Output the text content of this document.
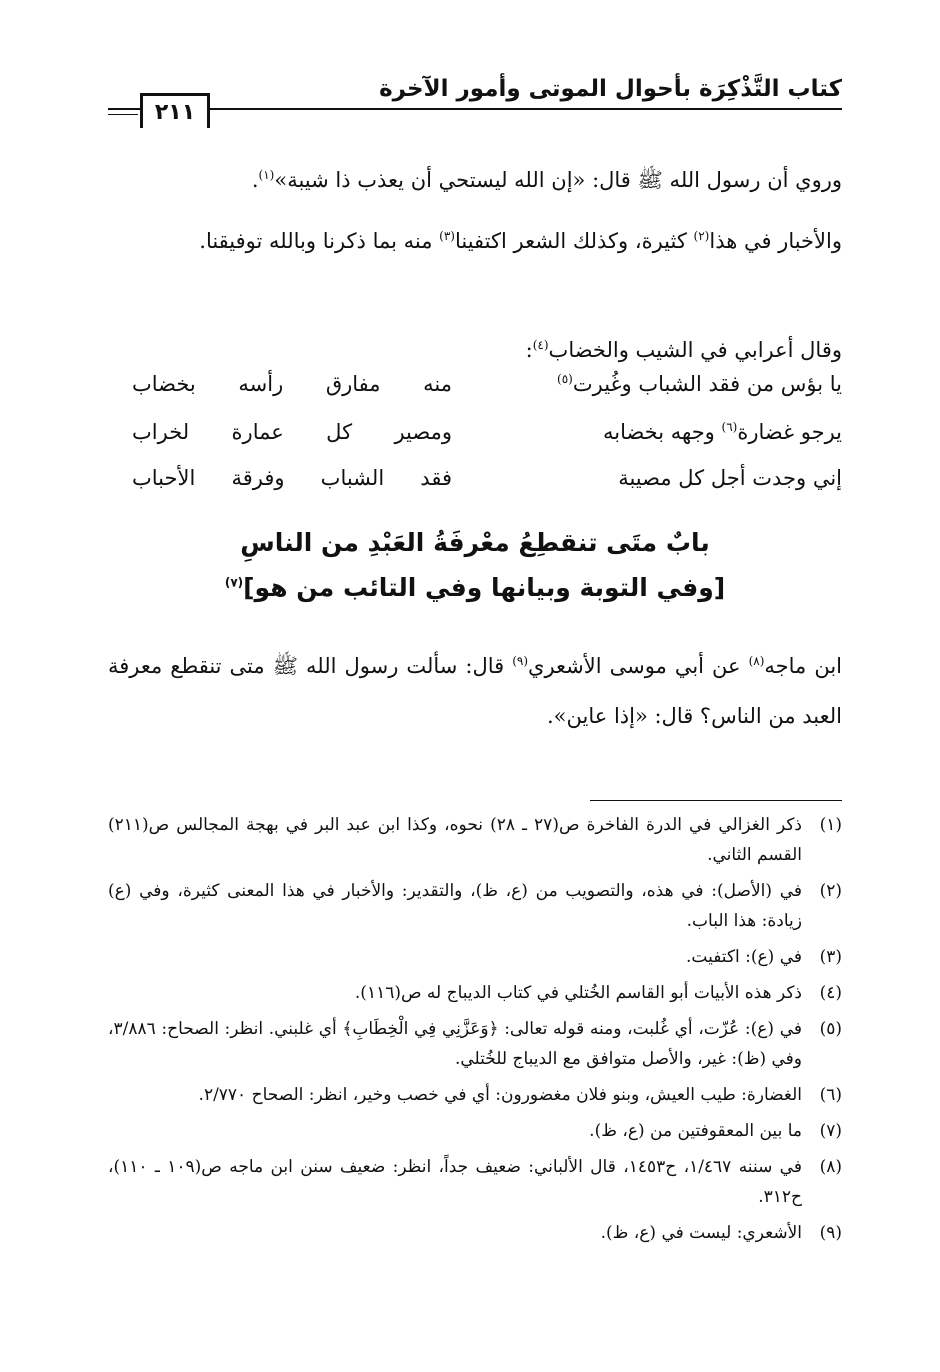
كتاب التَّذْكِرَة بأحوال الموتى وأمور الآخرة
٢١١
وروي أن رسول الله ﷺ قال: «إن الله ليستحي أن يعذب ذا شيبة»$^{(١)}$.
والأخبار في هذا$^{(٢)}$ كثيرة، وكذلك الشعر اكتفينا$^{(٣)}$ منه بما ذكرنا وبالله توفيقنا.
وقال أعرابي في الشيب والخضاب$^{(٤)}$:
يا بؤس من فقد الشباب وغُيرت$^{(٥)}$
منه مفارق رأسه بخضاب
يرجو غضارة$^{(٦)}$ وجهه بخضابه
ومصير كل عمارة لخراب
إني وجدت أجل كل مصيبة
فقد الشباب وفرقة الأحباب
بابٌ متَى تنقطِعُ معْرفَةُ العَبْدِ من الناسِ
[وفي التوبة وبيانها وفي التائب من هو]$^{(٧)}$
ابن ماجه$^{(٨)}$ عن أبي موسى الأشعري$^{(٩)}$ قال: سألت رسول الله ﷺ متى تنقطع معرفة العبد من الناس؟ قال: «إذا عاين».
(١)
ذكر الغزالي في الدرة الفاخرة ص(٢٧ ـ ٢٨) نحوه، وكذا ابن عبد البر في بهجة المجالس ص(٢١١) القسم الثاني.
(٢)
في (الأصل): في هذه، والتصويب من (ع، ظ)، والتقدير: والأخبار في هذا المعنى كثيرة، وفي (ع) زيادة: هذا الباب.
(٣)
في (ع): اكتفيت.
(٤)
ذكر هذه الأبيات أبو القاسم الخُتلي في كتاب الديباج له ص(١١٦).
(٥)
في (ع): عُزّت، أي غُلبت، ومنه قوله تعالى: ﴿وَعَزَّنِي فِي الْخِطَابِ﴾ أي غلبني. انظر: الصحاح: ٣/٨٨٦، وفي (ظ): غير، والأصل متوافق مع الديباج للخُتلي.
(٦)
الغضارة: طيب العيش، وبنو فلان مغضورون: أي في خصب وخير، انظر: الصحاح ٢/٧٧٠.
(٧)
ما بين المعقوفتين من (ع، ظ).
(٨)
في سننه ١/٤٦٧، ح١٤٥٣، قال الألباني: ضعيف جداً، انظر: ضعيف سنن ابن ماجه ص(١٠٩ ـ ١١٠)، ح٣١٢.
(٩)
الأشعري: ليست في (ع، ظ).
